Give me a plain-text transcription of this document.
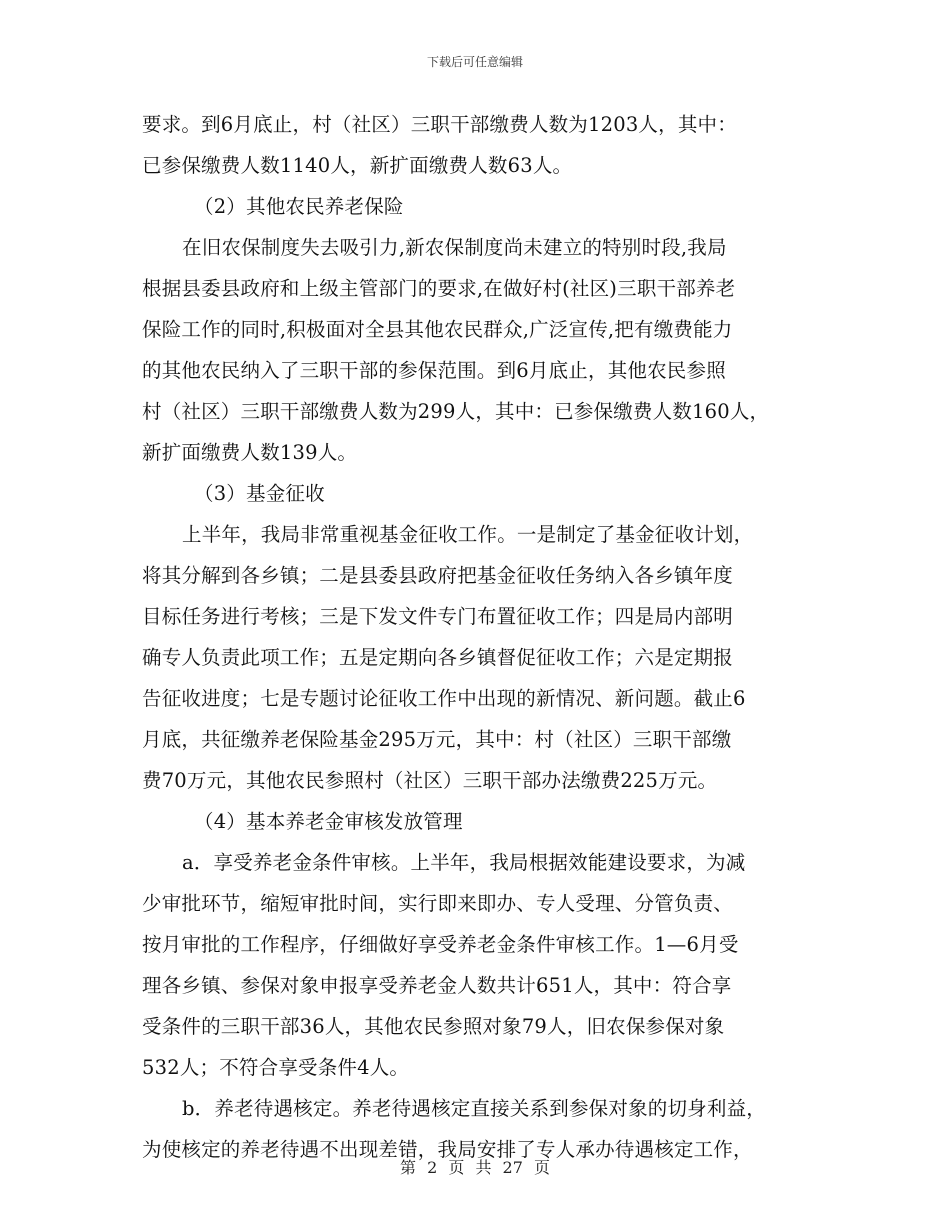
下载后可任意编辑
要求。到6月底止，村（社区）三职干部缴费人数为1203人，其中：
已参保缴费人数1140人，新扩面缴费人数63人。
（2）其他农民养老保险
在旧农保制度失去吸引力,新农保制度尚未建立的特别时段,我局
根据县委县政府和上级主管部门的要求,在做好村(社区)三职干部养老
保险工作的同时,积极面对全县其他农民群众,广泛宣传,把有缴费能力
的其他农民纳入了三职干部的参保范围。到6月底止，其他农民参照
村（社区）三职干部缴费人数为299人，其中：已参保缴费人数160人，
新扩面缴费人数139人。
（3）基金征收
上半年，我局非常重视基金征收工作。一是制定了基金征收计划，
将其分解到各乡镇；二是县委县政府把基金征收任务纳入各乡镇年度
目标任务进行考核；三是下发文件专门布置征收工作；四是局内部明
确专人负责此项工作；五是定期向各乡镇督促征收工作；六是定期报
告征收进度；七是专题讨论征收工作中出现的新情况、新问题。截止6
月底，共征缴养老保险基金295万元，其中：村（社区）三职干部缴
费70万元，其他农民参照村（社区）三职干部办法缴费225万元。
（4）基本养老金审核发放管理
a．享受养老金条件审核。上半年，我局根据效能建设要求，为减
少审批环节，缩短审批时间，实行即来即办、专人受理、分管负责、
按月审批的工作程序，仔细做好享受养老金条件审核工作。1—6月受
理各乡镇、参保对象申报享受养老金人数共计651人，其中：符合享
受条件的三职干部36人，其他农民参照对象79人，旧农保参保对象
532人；不符合享受条件4人。
b．养老待遇核定。养老待遇核定直接关系到参保对象的切身利益，
为使核定的养老待遇不出现差错，我局安排了专人承办待遇核定工作，
第 2 页 共 27 页
